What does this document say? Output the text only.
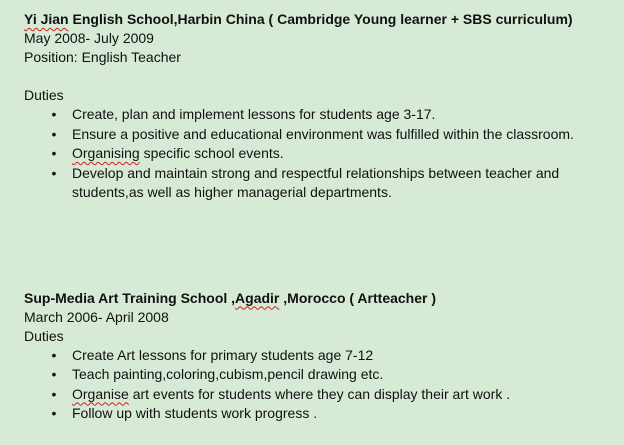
Yi Jian English School,Harbin China ( Cambridge Young learner + SBS curriculum)
May 2008- July 2009
Position: English Teacher
Duties
• Create, plan and implement lessons for students age 3-17.
• Ensure a positive and educational environment was fulfilled within the classroom.
• Organising specific school events.
• Develop and maintain strong and respectful relationships between teacher and students,as well as higher managerial departments.
Sup-Media Art Training School ,Agadir ,Morocco ( Artteacher )
March 2006- April 2008
Duties
• Create Art lessons for primary students age 7-12
• Teach painting,coloring,cubism,pencil drawing etc.
• Organise art events for students where they can display their art work .
• Follow up with students work progress .
